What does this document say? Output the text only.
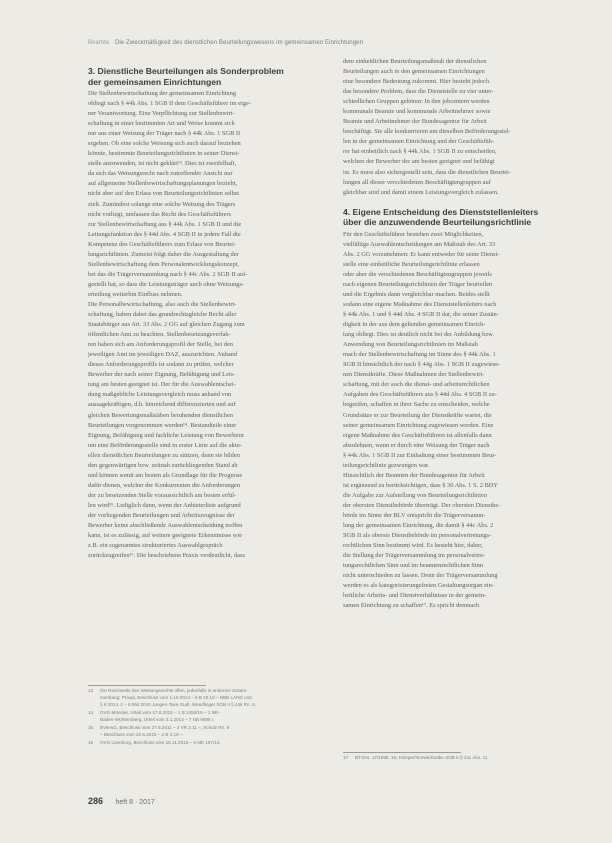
Beamte · Die Zweckmäßigkeit des dienstlichen Beurteilungswesens im gemeinsamen Einrichtungen
3. Dienstliche Beurteilungen als Sonderproblem
der gemeinsamen Einrichtungen

Die Stellenbewirtschaftung der gemeinsamen Einrichtung
obliegt nach § 44k Abs. 1 SGB II dem Geschäftsführer im eige-
ner Verantwortung. Eine Verpflichtung zur Stellenbewirt-
schaftung in einer bestimmten Art und Weise kommt sich
nur aus einer Weisung der Träger nach § 44k Abs. 1 SGB II
ergeben. Ob eine solche Weisung sich auch darauf beziehen
könnte, bestimmte Beurteilungsrichtlinien in seiner Dienst-
stelle anzuwenden, ist nicht geklärt¹³. Dies ist zweifelhaft,
da sich das Weisungsrecht nach zutreffender Ansicht nur
auf allgemeine Stellenbewirtschaftungsplanungen bezieht,
nicht aber auf den Erlass von Beurteilungsrichtlinien selbst
zielt. Zumindest solange eine solche Weisung des Trägers
nicht vorliegt, umfassen das Recht des Geschäftsführers
zur Stellenbewirtschaftung aus § 44k Abs. 1 SGB II und die
Leitungsfunktion des § 44d Abs. 4 SGB II in jedem Fall die
Kompetenz des Geschäftsführers zum Erlass von Beurtei-
lungsrichtlinien. Zumeist folgt daher die Ausgestaltung der
Stellenbewirtschaftung dem Personalentwicklungskonzept,
bei das die Trägerversammlung nach § 44c Abs. 2 SGB II auf-
gestellt hat, so dass die Leistungsträger auch ohne Weisungs-
erteilung weiterhin Einfluss nehmen.

Die Personalbewirtschaftung, also auch die Stellenbewirt-
schaftung, haben dabei das grundrechtsgleiche Recht aller
Staatsbürger aus Art. 33 Abs. 2 GG auf gleichen Zugang zum
öffentlichen Amt zu beachten. Stellenbesetzungsverfah-
ren haben sich am Anforderungsprofil der Stelle, bei den
jeweiligen Amt im jeweiligen DAZ, auszurichten. Anhand
dieses Anforderungsprofils ist sodann zu prüfen, welcher
Bewerber der nach seiner Eignung, Befähigung und Leis-
tung am besten geeignet ist. Der für die Auswahlentschei-
dung maßgebliche Leistungsvergleich muss anhand von
aussagekräftigen, d.h. hinreichend differenzierten und auf
gleichen Bewertungsmaßstäben beruhenden dienstlichen
Beurteilungen vorgenommen werden¹⁴. Bestandteile einer
Eignung, Befähigung und fachliche Leistung von Bewerbern
um eine Beförderungsstelle sind in erster Linie auf die aktu-
ellen dienstlichen Beurteilungen zu stützen, denn sie bilden
den gegenwärtigen bzw. zeitnah zurückliegenden Stand ab
und können somit am besten als Grundlage für die Prognose
dafür dienen, welcher der Konkurrenten die Anforderungen
der zu besetzenden Stelle voraussichtlich am besten erfül-
len wird¹⁵. Lediglich dann, wenn der Anbieterliste aufgrund
der vorliegenden Beurteilungen und Arbeitszeugnisse der
Bewerber keine abschließende Auswahlentscheidung treffen
kann, ist es zulässig, auf weitere geeignete Erkenntnisse wie
z.B. ein sogenanntes strukturiertes Auswahlgespräch
zurückzugreifen¹⁶. Die beschriebene Praxis verdeutlicht, dass

dem einheitlichen Beurteilungsmaßstab der dienstlichen
Beurteilungen auch in den gemeinsamen Einrichtungen
eine besondere Bedeutung zukommt. Hier besteht jedoch
das besondere Problem, dass die Dienststelle zu vier unter-
schiedlichen Gruppen gehören: In den jobcentern werden
kommunale Beamte und kommunale Arbeitnehmer sowie
Beamte und Arbeitnehmer der Bundesagentur für Arbeit
beschäftigt. Sie alle konkurrieren um dieselben Beförderungsstel-
len in der gemeinsamen Einrichtung und der Geschäftsfüh-
rer hat einheitlich nach § 44k Abs. 1 SGB II zu entscheiden,
welchen der Bewerber der am besten geeignet und befähigt
ist. Es muss also sichergestellt sein, dass die dienstlichen Beurtei-
lungen all dieser verschiedenen Beschäftigtengruppen auf
gleichbar sind und damit einem Leistungsvergleich zulassen.

4. Eigene Entscheidung des Dienststellenleiters
über die anzuwendende Beurteilungsrichtlinie

Für den Geschäftsführer bestehen zwei Möglichkeiten,
vielfältige Auswahlentscheidungen am Maßstab des Art. 33
Abs. 2 GG vorzunehmen: Er kann entweder für seine Dienst-
stelle eine einheitliche Beurteilungsrichtlinie erlassen
oder aber die verschiedenen Beschäftigtengruppen jeweils
nach eigenen Beurteilungsrichtlinien der Träger beurteilen
und die Ergebnis dann vergleichbar machen. Beides stellt
sodann eine eigene Maßnahme des Dienststellenleiters nach
§ 44k Abs. 1 und § 44d Abs. 4 SGB II dar, die seiner Zustän-
digkeit in der aus dem geltenden gemeinsamen Einrich-
tung obliegt. Dies ist deutlich nicht bei der Anbildung bzw.
Anwendung von Beurteilungsrichtlinien im Maßstab
mach der Stellenbewirtschaftung im Sinne des § 44k Abs. 1
SGB II hinsichtlich der nach § 44g Abs. 1 SGB II zugewiese-
nen Dienstkräfte. Diese Maßnahmen der Stellenbewirt-
schaftung, mit der auch die dienst- und arbeitsrechtlichen
Aufgaben des Geschäftsführers aus § 44d Abs. 4 SGB II zu-
begreifen, schaffen in ihrer Sache zu entscheiden, welche
Grundsätze er zur Beurteilung der Dienstkräfte wartet, die
seiner gemeinsamen Einrichtung zugewiesen werden. Eine
eigene Maßnahme des Geschäftsführers ist allenfalls dann
abzulehnen, wenn er durch eine Weisung der Träger nach
§ 44k Abs. 1 SGB II zur Einhaltung einer bestimmten Beur-
teilungsrichtlinie gezwungen war.

Hinsichtlich der Beamten der Bundesagentur für Arbeit
ist ergänzend zu berücksichtigen, dass § 30 Abs. 1 S. 2 BDY
die Aufgabe zur Aufstellung von Beurteilungsrichtlinien
der obersten Dienstbehörde überträgt. Der obersten Dienstbe-
hörde im Sinne der BLV entspricht die Trägerversamm-
lung der gemeinsamen Einrichtung, die damit § 44c Abs. 2
SGB II als oberste Dienstbehörde im personalvertretungs-
rechtlichen Sinn bestimmt wird. Es besteht hier, daher,
die Stellung der Trägerversammlung im personalvertre-
tungsrechtlichen Sinn und im beamtenrechtlichen Sinn
nicht unterschieden zu lassen. Denn der Trägerversammlung
werden es als kategorisierungsfreien Gestaltungsorgan ein-
heitliche Arbeits- und Dienstverhältnisse in der gemein-
samen Einrichtung zu schaffen¹⁷. Es spricht demnach

13	Die Reichweite des Weisungsrechts offen, jedenfalls in anderem Zusam-
menhang: Prowd, Beschluss vom 1.10.2014 – 8 B 10.19 – NBB LAND und
§ 6 2014, 2 – 6 BW 2010 Jungen-Taxe Gudl, Wendlinger SGB II § 44k Rn. 6.
14	OVG Münster, Urteil vom 17.8.2015 – 1 B 1450/15 – 1 NR-
Baden-Württemberg, Urteil vom 3.1.2014 – 7 NB 9985 /.
15	BVerwG, Beschluss vom 27.9.2011 – 2 VR 3.11 –, Schulz Rn. 9
– Beschluss vom 22.6.2015 – 2 B 2.15 –.
16	OVG Lüneburg, Beschluss vom 16.11.2015 – 5 ME 197/14.
17	BT-Drs. 17/1555, 16; Knieper/Grewe/Knabe SGB II § 44c Abs. 11.
286 heft 8 · 2017
